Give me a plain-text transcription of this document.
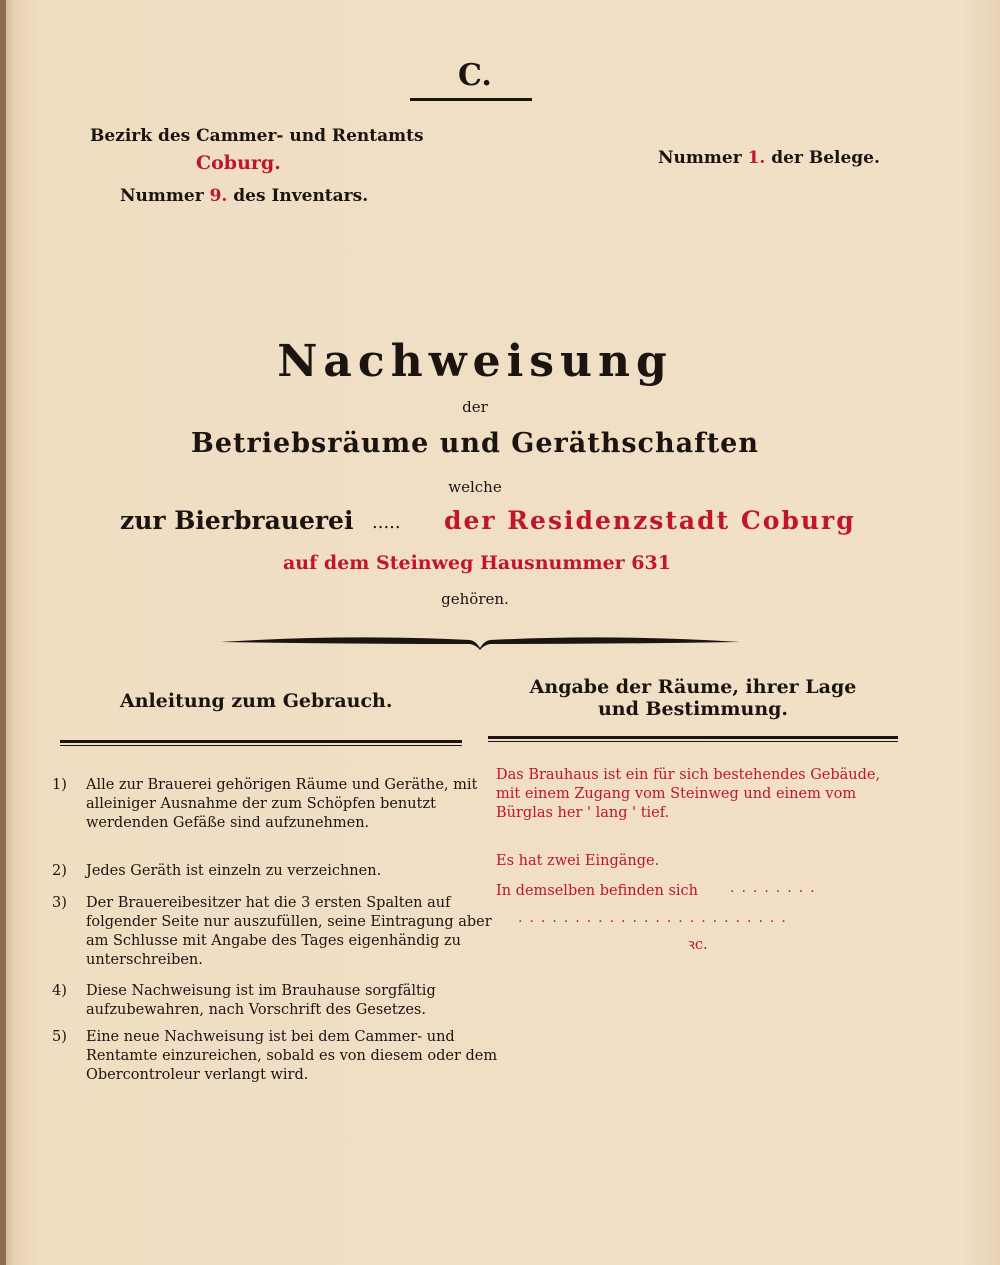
C.
Bezirk des Cammer- und Rentamts
Coburg.	Nummer 1. der Belege.
Nummer 9. des Inventars.
Nachweisung
der
Betriebsräume und Geräthschaften
welche
zur Bierbrauerei ..... der Residenzstadt Coburg
auf dem Steinweg Hausnummer 631
gehören.
Anleitung zum Gebrauch.
Angabe der Räume, ihrer Lage und Bestimmung.
1)	Alle zur Brauerei gehörigen Räume und Geräthe, mit alleiniger Ausnahme der zum Schöpfen benutzt werdenden Gefäße sind aufzunehmen.
2)	Jedes Geräth ist einzeln zu verzeichnen.
3)	Der Brauereibesitzer hat die 3 ersten Spalten auf folgender Seite nur auszufüllen, seine Eintragung aber am Schlusse mit Angabe des Tages eigenhändig zu unterschreiben.
4)	Diese Nachweisung ist im Brauhause sorgfältig aufzubewahren, nach Vorschrift des Gesetzes.
5)	Eine neue Nachweisung ist bei dem Cammer- und Rentamte einzureichen, sobald es von diesem oder dem Obercontroleur verlangt wird.
Das Brauhaus ist ein für sich bestehendes Gebäude, mit einem Zugang vom Steinweg und einem vom Bürglas her ' lang ' tief.
Es hat zwei Eingänge.
In demselben befinden sich ........
........................
ꝛc.
